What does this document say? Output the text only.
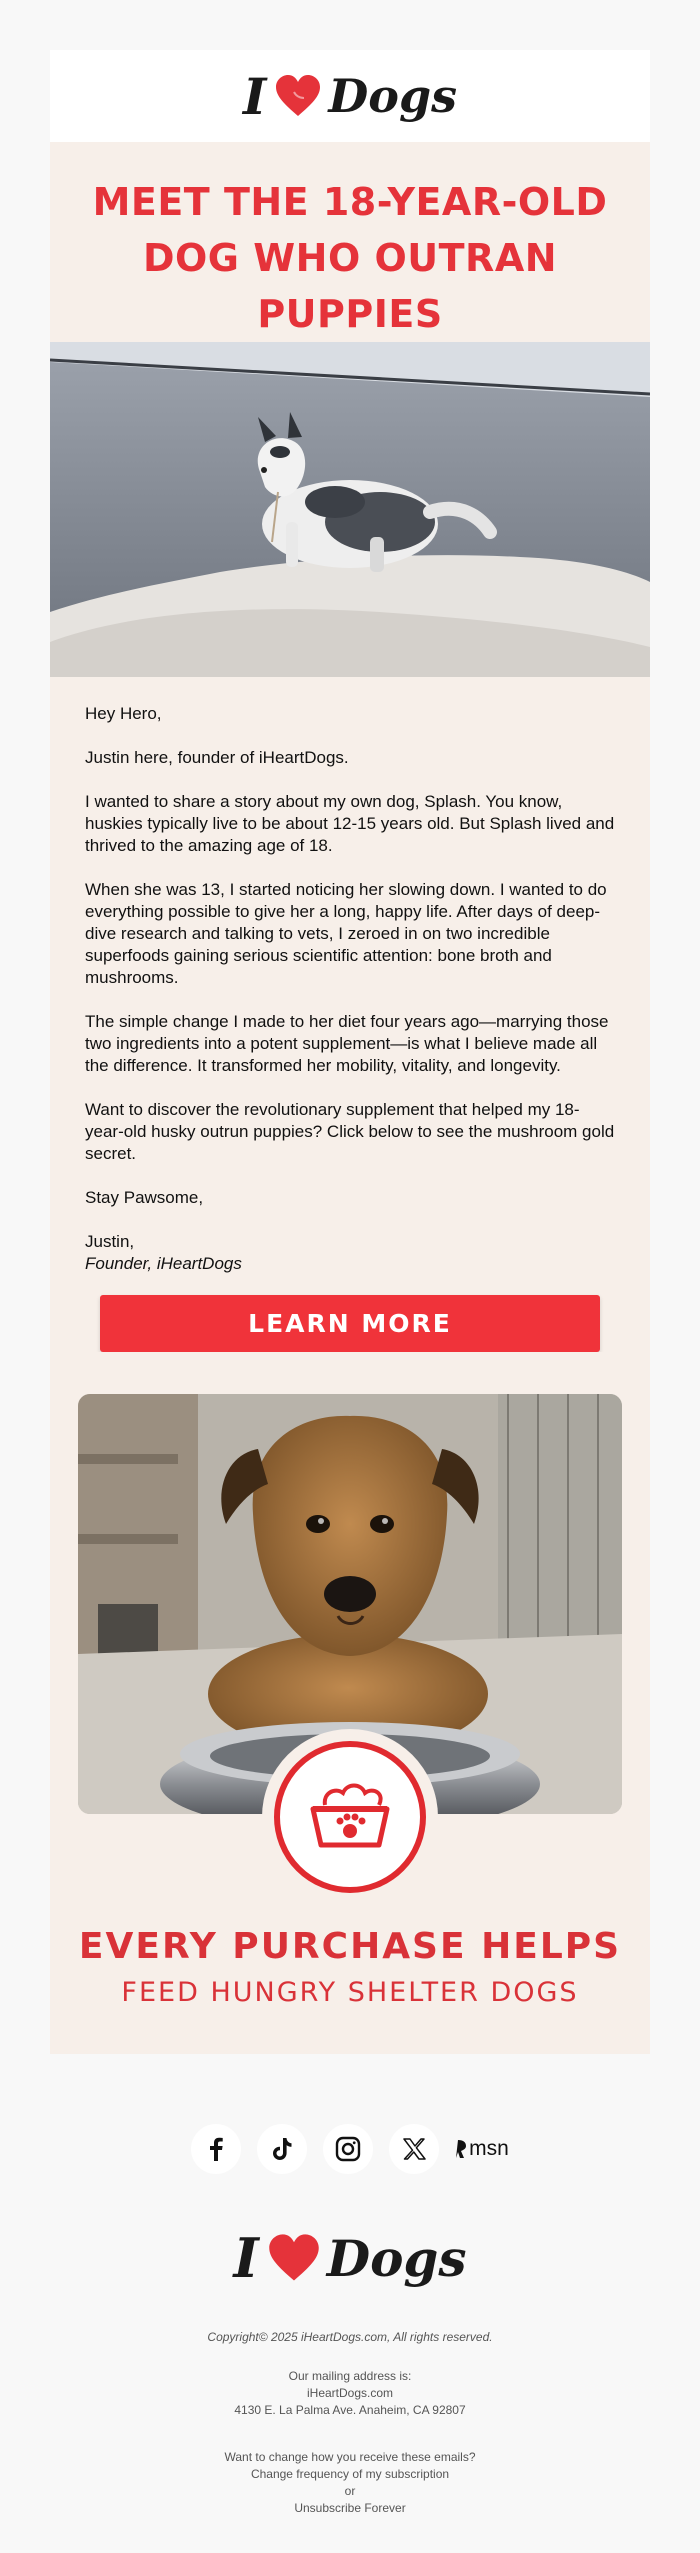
I Dogs
MEET THE 18-YEAR-OLD
DOG WHO OUTRAN PUPPIES

Hey Hero,

Justin here, founder of iHeartDogs.

I wanted to share a story about my own dog, Splash. You know, huskies typically live to be about 12-15 years old. But Splash lived and thrived to the amazing age of 18.

When she was 13, I started noticing her slowing down. I wanted to do everything possible to give her a long, happy life. After days of deep-dive research and talking to vets, I zeroed in on two incredible superfoods gaining serious scientific attention: bone broth and mushrooms.

The simple change I made to her diet four years ago—marrying those two ingredients into a potent supplement—is what I believe made all the difference. It transformed her mobility, vitality, and longevity.

Want to discover the revolutionary supplement that helped my 18-year-old husky outrun puppies? Click below to see the mushroom gold secret.

Stay Pawsome,

Justin,
Founder, iHeartDogs

LEARN MORE
EVERY PURCHASE HELPS
FEED HUNGRY SHELTER DOGS
msn
I Dogs
Copyright© 2025 iHeartDogs.com, All rights reserved.
Our mailing address is:
iHeartDogs.com
4130 E. La Palma Ave. Anaheim, CA 92807
Want to change how you receive these emails?
Change frequency of my subscription
or
Unsubscribe Forever
